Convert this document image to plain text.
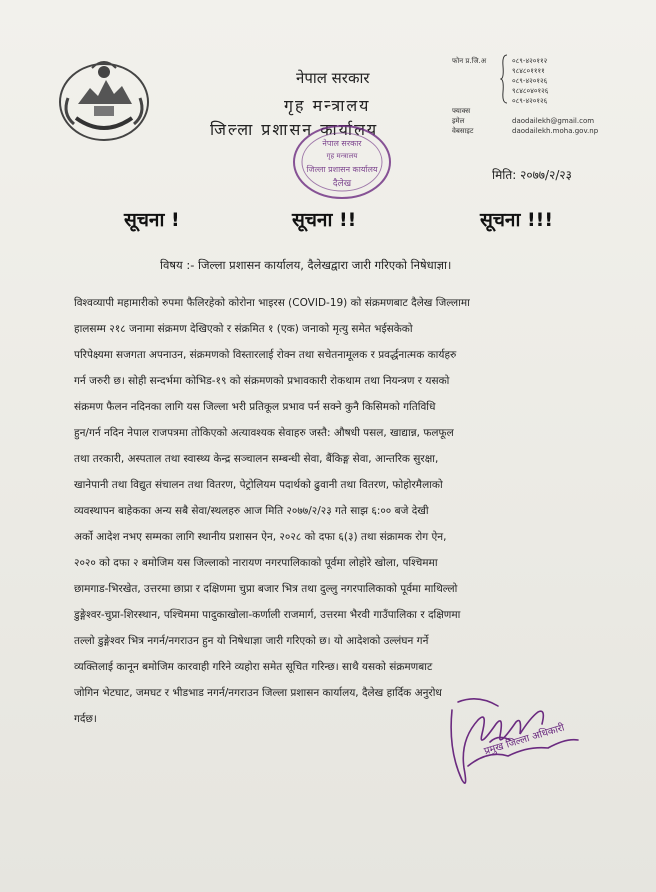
नेपाल सरकार
गृह मन्त्रालय
जिल्ला प्रशासन कार्यालय
नेपाल सरकार
गृह मन्त्रालय
जिल्ला प्रशासन कार्यालय
दैलेख
फोन प्र.जि.अ
फ्याक्स
इमेल
वेबसाइट
०८९-४२०११२
९८४८०११११
०८९-४२०१२६
९८४८०४०१२६
०८९-४२०१२६
daodailekh@gmail.com
daodailekh.moha.gov.np
मिति: २०७७/२/२३
सूचना !	सूचना !!	सूचना !!!
विषय :- जिल्ला प्रशासन कार्यालय, दैलेखद्वारा जारी गरिएको निषेधाज्ञा।
विश्वव्यापी महामारीको रुपमा फैलिरहेको कोरोना भाइरस (COVID-19) को संक्रमणबाट दैलेख जिल्लामा
हालसम्म २१८ जनामा संक्रमण देखिएको र संक्रमित १ (एक) जनाको मृत्यु समेत भईसकेको
परिपेक्ष्यमा सजगता अपनाउन, संक्रमणको विस्तारलाई रोक्न तथा सचेतनामूलक र प्रवर्द्धनात्मक कार्यहरु
गर्न जरुरी छ। सोही सन्दर्भमा कोभिड-१९ को संक्रमणको प्रभावकारी रोकथाम तथा नियन्त्रण र यसको
संक्रमण फैलन नदिनका लागि यस जिल्ला भरी प्रतिकूल प्रभाव पर्न सक्ने कुनै किसिमको गतिविधि
हुन/गर्न नदिन नेपाल राजपत्रमा तोकिएको अत्यावश्यक सेवाहरु जस्तै: औषधी पसल, खाद्यान्न, फलफूल
तथा तरकारी, अस्पताल तथा स्वास्थ्य केन्द्र सञ्चालन सम्बन्धी सेवा, बैंकिङ्ग सेवा, आन्तरिक सुरक्षा,
खानेपानी तथा विद्युत संचालन तथा वितरण, पेट्रोलियम पदार्थको ढुवानी तथा वितरण, फोहोरमैलाको
व्यवस्थापन बाहेकका अन्य सबै सेवा/स्थलहरु आज मिति २०७७/२/२३ गते साझ ६:०० बजे देखी
अर्को आदेश नभए सम्मका लागि स्थानीय प्रशासन ऐन, २०२८ को दफा ६(३) तथा संक्रामक रोग ऐन,
२०२० को दफा २ बमोजिम यस जिल्लाको नारायण नगरपालिकाको पूर्वमा लोहोरे खोला, पश्चिममा
छामगाड-भिरखेत, उत्तरमा छाप्रा र दक्षिणमा चुप्रा बजार भित्र तथा दुल्लु नगरपालिकाको पूर्वमा माथिल्लो
डुङ्गेश्वर-चुप्रा-शिरस्थान, पश्चिममा पादुकाखोला-कर्णाली राजमार्ग, उत्तरमा भैरवी गाउँपालिका र दक्षिणमा
तल्लो डुङ्गेश्वर भित्र नगर्न/नगराउन हुन यो निषेधाज्ञा जारी गरिएको छ। यो आदेशको उल्लंघन गर्ने
व्यक्तिलाई कानून बमोजिम कारवाही गरिने व्यहोरा समेत सूचित गरिन्छ। साथै यसको संक्रमणबाट
जोगिन भेटघाट, जमघट र भीडभाड नगर्न/नगराउन जिल्ला प्रशासन कार्यालय, दैलेख हार्दिक अनुरोध
गर्दछ।
प्रमुख जिल्ला अधिकारी
